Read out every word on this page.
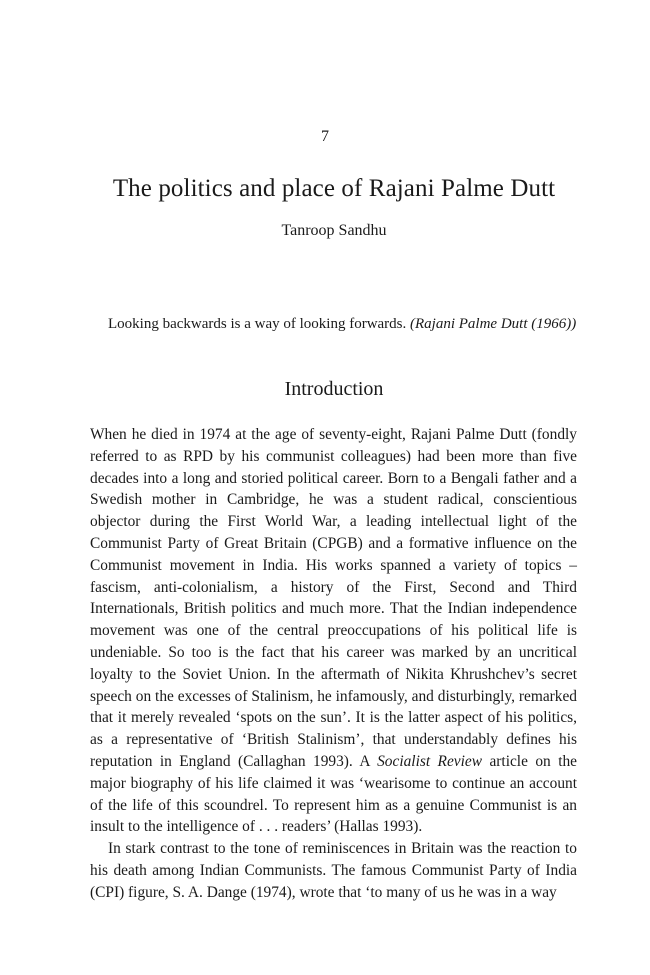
7
The politics and place of Rajani Palme Dutt
Tanroop Sandhu
Looking backwards is a way of looking forwards. (Rajani Palme Dutt (1966))
Introduction

When he died in 1974 at the age of seventy-eight, Rajani Palme Dutt (fondly referred to as RPD by his communist colleagues) had been more than five decades into a long and storied political career. Born to a Bengali father and a Swedish mother in Cambridge, he was a student radical, conscientious objector during the First World War, a leading intellectual light of the Communist Party of Great Britain (CPGB) and a formative influence on the Communist movement in India. His works spanned a variety of topics – fascism, anti-colonialism, a history of the First, Second and Third Internationals, British politics and much more. That the Indian independence movement was one of the central preoccupations of his political life is undeniable. So too is the fact that his career was marked by an uncritical loyalty to the Soviet Union. In the aftermath of Nikita Khrushchev’s secret speech on the excesses of Stalinism, he infamously, and disturbingly, remarked that it merely revealed ‘spots on the sun’. It is the latter aspect of his politics, as a representative of ‘British Stalinism’, that understandably defines his reputation in England (Callaghan 1993). A Socialist Review article on the major biography of his life claimed it was ‘wearisome to continue an account of the life of this scoundrel. To represent him as a genuine Communist is an insult to the intelligence of . . . readers’ (Hallas 1993).

In stark contrast to the tone of reminiscences in Britain was the reaction to his death among Indian Communists. The famous Communist Party of India (CPI) figure, S. A. Dange (1974), wrote that ‘to many of us he was in a way
